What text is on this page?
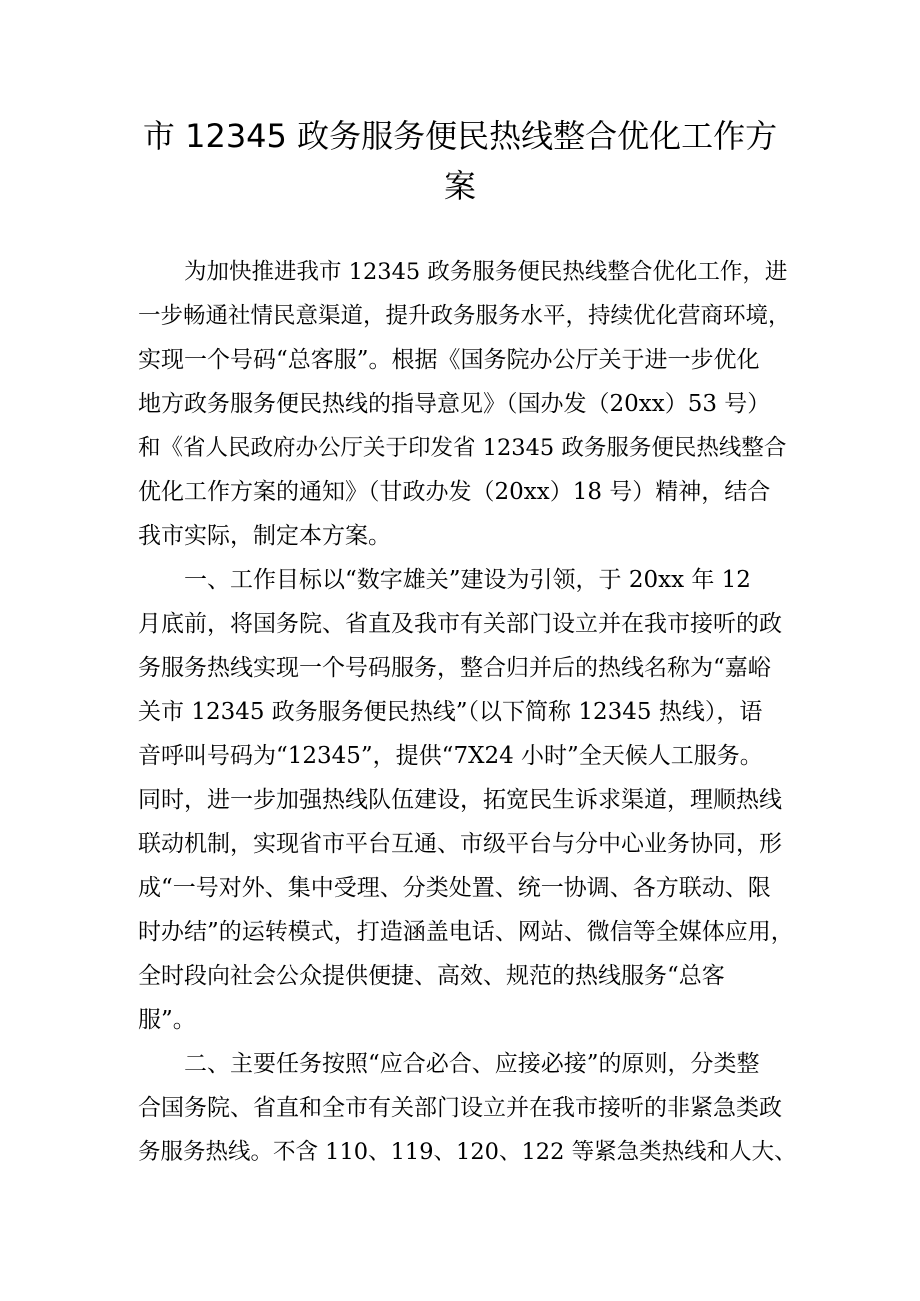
市 12345 政务服务便民热线整合优化工作方
案
为加快推进我市 12345 政务服务便民热线整合优化工作，进
一步畅通社情民意渠道，提升政务服务水平，持续优化营商环境，
实现一个号码“总客服”。根据《国务院办公厅关于进一步优化
地方政务服务便民热线的指导意见》（国办发（20xx）53 号）
和《省人民政府办公厅关于印发省 12345 政务服务便民热线整合
优化工作方案的通知》（甘政办发（20xx）18 号）精神，结合
我市实际，制定本方案。
一、工作目标以“数字雄关”建设为引领，于 20xx 年 12
月底前，将国务院、省直及我市有关部门设立并在我市接听的政
务服务热线实现一个号码服务，整合归并后的热线名称为“嘉峪
关市 12345 政务服务便民热线”（以下简称 12345 热线），语
音呼叫号码为“12345”，提供“7X24 小时”全天候人工服务。
同时，进一步加强热线队伍建设，拓宽民生诉求渠道，理顺热线
联动机制，实现省市平台互通、市级平台与分中心业务协同，形
成“一号对外、集中受理、分类处置、统一协调、各方联动、限
时办结”的运转模式，打造涵盖电话、网站、微信等全媒体应用，
全时段向社会公众提供便捷、高效、规范的热线服务“总客
服”。
二、主要任务按照“应合必合、应接必接”的原则，分类整
合国务院、省直和全市有关部门设立并在我市接听的非紧急类政
务服务热线。不含 110、119、120、122 等紧急类热线和人大、
